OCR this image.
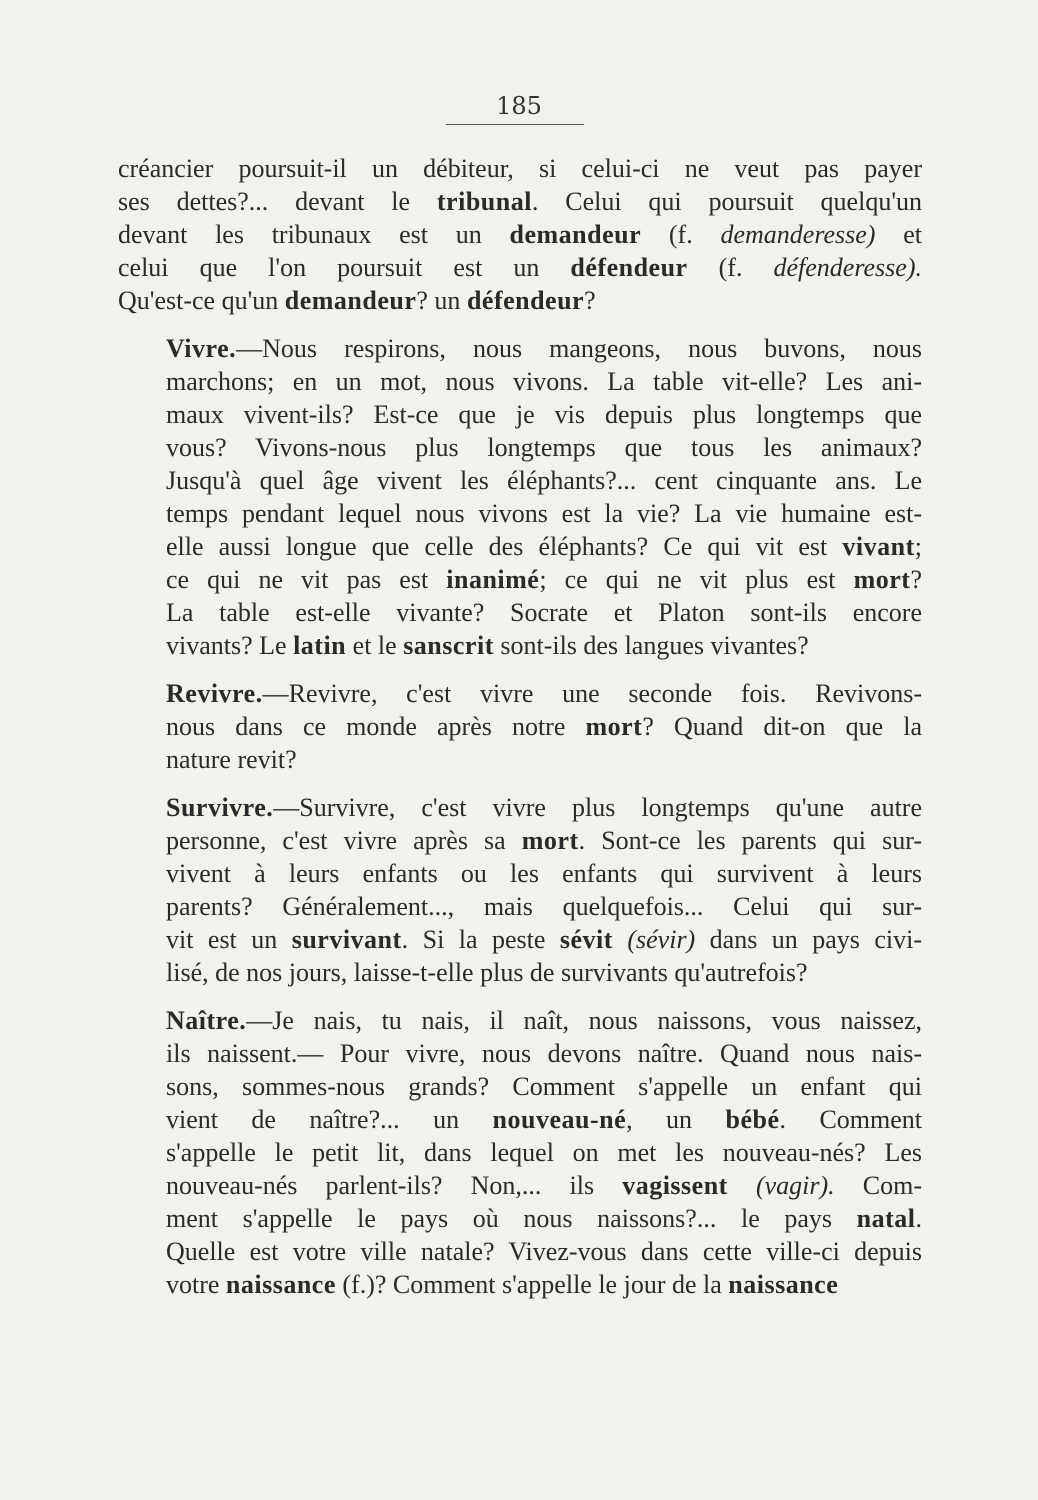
185
créancier poursuit-il un débiteur, si celui-ci ne veut pas payer
ses dettes?... devant le tribunal. Celui qui poursuit quelqu'un
devant les tribunaux est un demandeur (f. demanderesse) et
celui que l'on poursuit est un défendeur (f. défenderesse).
Qu'est-ce qu'un demandeur? un défendeur?
Vivre.—Nous respirons, nous mangeons, nous buvons, nous
marchons; en un mot, nous vivons. La table vit-elle? Les ani-
maux vivent-ils? Est-ce que je vis depuis plus longtemps que
vous? Vivons-nous plus longtemps que tous les animaux?
Jusqu'à quel âge vivent les éléphants?... cent cinquante ans. Le
temps pendant lequel nous vivons est la vie? La vie humaine est-
elle aussi longue que celle des éléphants? Ce qui vit est vivant;
ce qui ne vit pas est inanimé; ce qui ne vit plus est mort?
La table est-elle vivante? Socrate et Platon sont-ils encore
vivants? Le latin et le sanscrit sont-ils des langues vivantes?
Revivre.—Revivre, c'est vivre une seconde fois. Revivons-
nous dans ce monde après notre mort? Quand dit-on que la
nature revit?
Survivre.—Survivre, c'est vivre plus longtemps qu'une autre
personne, c'est vivre après sa mort. Sont-ce les parents qui sur-
vivent à leurs enfants ou les enfants qui survivent à leurs
parents? Généralement..., mais quelquefois... Celui qui sur-
vit est un survivant. Si la peste sévit (sévir) dans un pays civi-
lisé, de nos jours, laisse-t-elle plus de survivants qu'autrefois?
Naître.—Je nais, tu nais, il naît, nous naissons, vous naissez,
ils naissent.— Pour vivre, nous devons naître. Quand nous nais-
sons, sommes-nous grands? Comment s'appelle un enfant qui
vient de naître?... un nouveau-né, un bébé. Comment
s'appelle le petit lit, dans lequel on met les nouveau-nés? Les
nouveau-nés parlent-ils? Non,... ils vagissent (vagir). Com-
ment s'appelle le pays où nous naissons?... le pays natal.
Quelle est votre ville natale? Vivez-vous dans cette ville-ci depuis
votre naissance (f.)? Comment s'appelle le jour de la naissance
